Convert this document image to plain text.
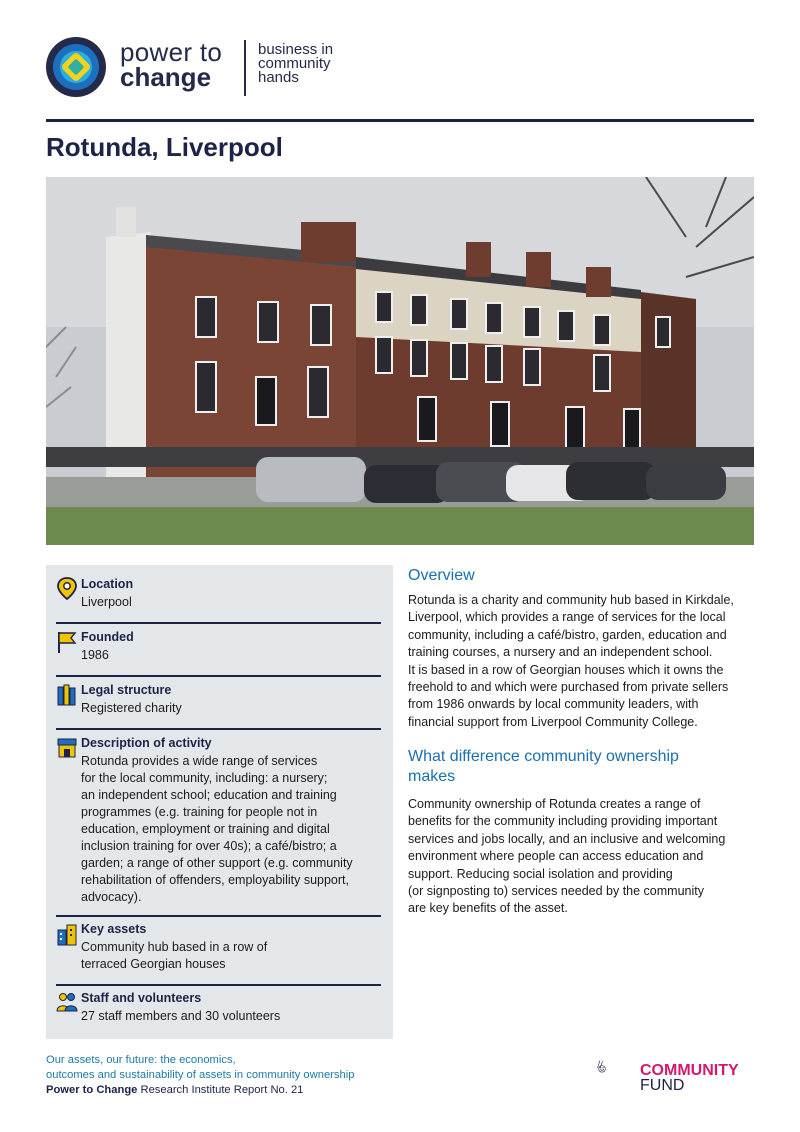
power to
change
business in
community
hands
Rotunda, Liverpool
Location
Liverpool
Founded
1986
Legal structure
Registered charity
Description of activity
Rotunda provides a wide range of services
for the local community, including: a nursery;
an independent school; education and training
programmes (e.g. training for people not in
education, employment or training and digital
inclusion training for over 40s); a café/bistro; a
garden; a range of other support (e.g. community
rehabilitation of offenders, employability support,
advocacy).
Key assets
Community hub based in a row of
terraced Georgian houses
Staff and volunteers
27 staff members and 30 volunteers
Overview
Rotunda is a charity and community hub based in Kirkdale,
Liverpool, which provides a range of services for the local
community, including a café/bistro, garden, education and
training courses, a nursery and an independent school.
It is based in a row of Georgian houses which it owns the
freehold to and which were purchased from private sellers
from 1986 onwards by local community leaders, with
financial support from Liverpool Community College.
What difference community ownership
makes
Community ownership of Rotunda creates a range of
benefits for the community including providing important
services and jobs locally, and an inclusive and welcoming
environment where people can access education and
support. Reducing social isolation and providing
(or signposting to) services needed by the community
are key benefits of the asset.
Our assets, our future: the economics,
outcomes and sustainability of assets in community ownership
Power to Change Research Institute Report No. 21
COMMUNITY
FUND
